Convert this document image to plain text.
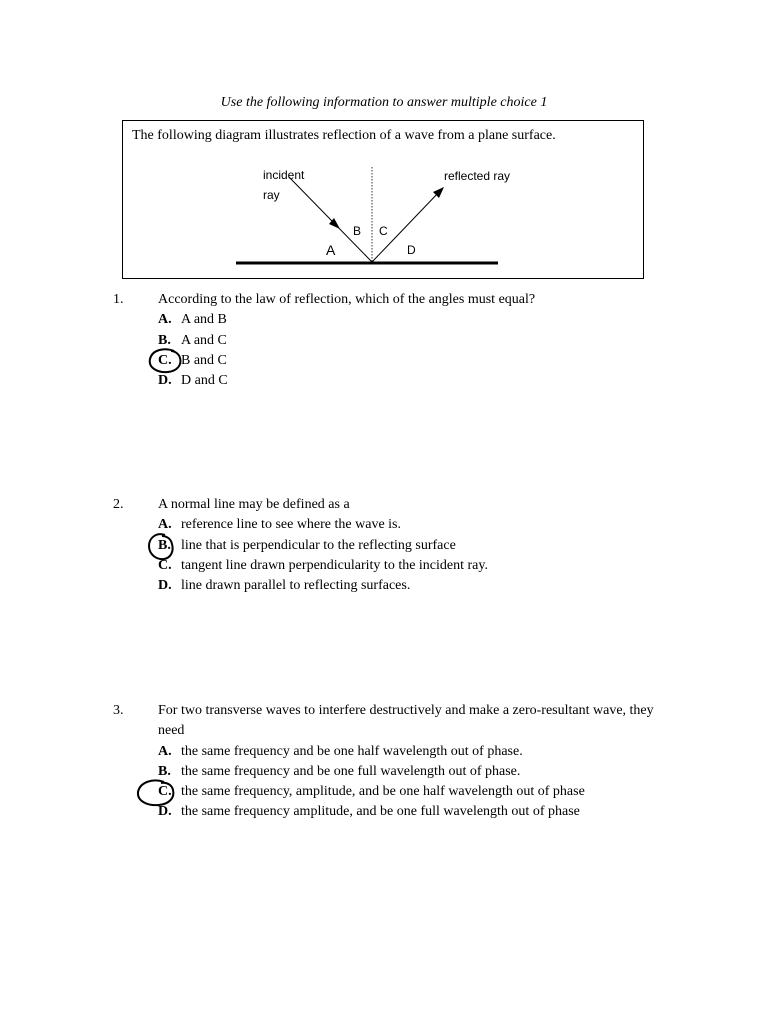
Use the following information to answer multiple choice 1
The following diagram illustrates reflection of a wave from a plane surface.
incident
ray
reflected ray
B C
A	D
1. According to the law of reflection, which of the angles must equal?
A. A and B
B. A and C
C. B and C
D. D and C
2. A normal line may be defined as a
A. reference line to see where the wave is.
B. line that is perpendicular to the reflecting surface
C. tangent line drawn perpendicularity to the incident ray.
D. line drawn parallel to reflecting surfaces.
3. For two transverse waves to interfere destructively and make a zero-resultant wave, they need
A. the same frequency and be one half wavelength out of phase.
B. the same frequency and be one full wavelength out of phase.
C. the same frequency, amplitude, and be one half wavelength out of phase
D. the same frequency amplitude, and be one full wavelength out of phase
